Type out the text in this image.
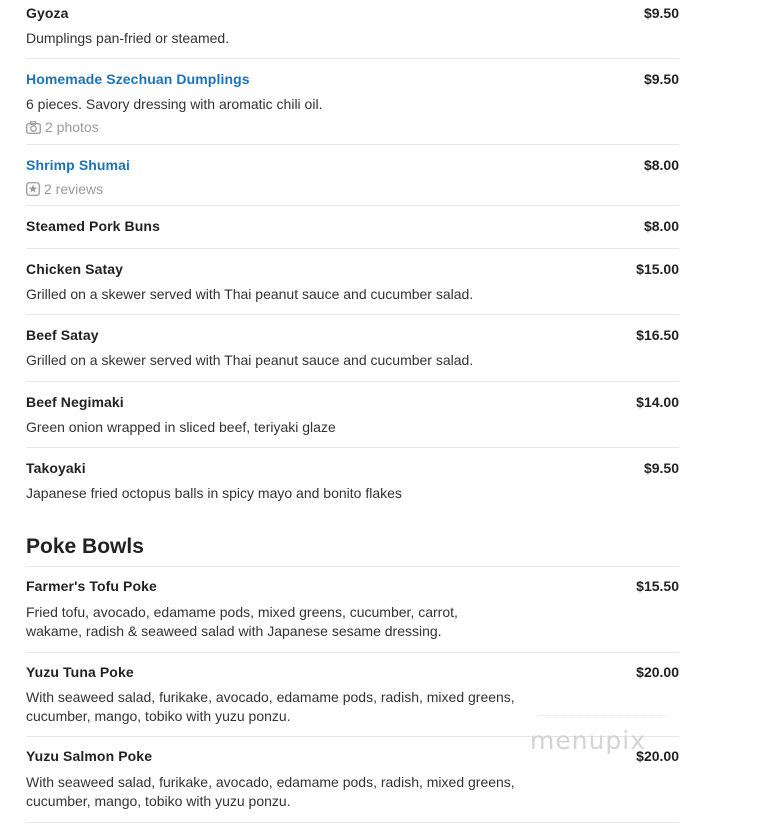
Gyoza	$9.50
Dumplings pan-fried or steamed.
Homemade Szechuan Dumplings	$9.50
6 pieces. Savory dressing with aromatic chili oil.
2 photos
Shrimp Shumai	$8.00
2 reviews
Steamed Pork Buns	$8.00
Chicken Satay	$15.00
Grilled on a skewer served with Thai peanut sauce and cucumber salad.
Beef Satay	$16.50
Grilled on a skewer served with Thai peanut sauce and cucumber salad.
Beef Negimaki	$14.00
Green onion wrapped in sliced beef, teriyaki glaze
Takoyaki	$9.50
Japanese fried octopus balls in spicy mayo and bonito flakes
Poke Bowls
Farmer's Tofu Poke	$15.50
Fried tofu, avocado, edamame pods, mixed greens, cucumber, carrot,
wakame, radish & seaweed salad with Japanese sesame dressing.
Yuzu Tuna Poke	$20.00
With seaweed salad, furikake, avocado, edamame pods, radish, mixed greens,
cucumber, mango, tobiko with yuzu ponzu.
Yuzu Salmon Poke	$20.00
With seaweed salad, furikake, avocado, edamame pods, radish, mixed greens,
cucumber, mango, tobiko with yuzu ponzu.
menupix
